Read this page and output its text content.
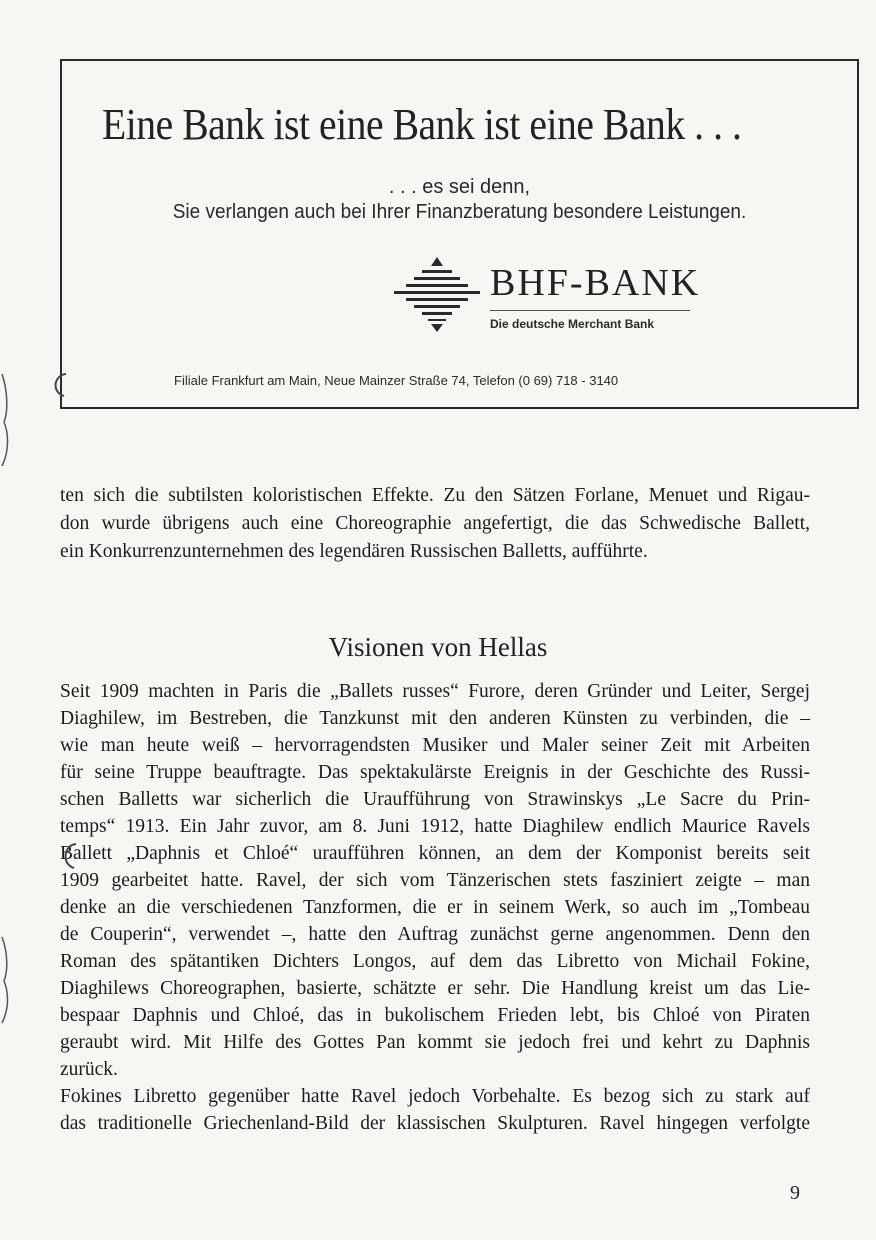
Eine Bank ist eine Bank ist eine Bank . . .
. . . es sei denn,
Sie verlangen auch bei Ihrer Finanzberatung besondere Leistungen.
BHF-BANK
Die deutsche Merchant Bank
Filiale Frankfurt am Main, Neue Mainzer Straße 74, Telefon (0 69) 718 - 3140
ten sich die subtilsten koloristischen Effekte. Zu den Sätzen Forlane, Menuet und Rigau-
don wurde übrigens auch eine Choreographie angefertigt, die das Schwedische Ballett,
ein Konkurrenzunternehmen des legendären Russischen Balletts, aufführte.
Visionen von Hellas
Seit 1909 machten in Paris die „Ballets russes“ Furore, deren Gründer und Leiter, Sergej
Diaghilew, im Bestreben, die Tanzkunst mit den anderen Künsten zu verbinden, die –
wie man heute weiß – hervorragendsten Musiker und Maler seiner Zeit mit Arbeiten
für seine Truppe beauftragte. Das spektakulärste Ereignis in der Geschichte des Russi-
schen Balletts war sicherlich die Uraufführung von Strawinskys „Le Sacre du Prin-
temps“ 1913. Ein Jahr zuvor, am 8. Juni 1912, hatte Diaghilew endlich Maurice Ravels
Ballett „Daphnis et Chloé“ uraufführen können, an dem der Komponist bereits seit
1909 gearbeitet hatte. Ravel, der sich vom Tänzerischen stets fasziniert zeigte – man
denke an die verschiedenen Tanzformen, die er in seinem Werk, so auch im „Tombeau
de Couperin“, verwendet –, hatte den Auftrag zunächst gerne angenommen. Denn den
Roman des spätantiken Dichters Longos, auf dem das Libretto von Michail Fokine,
Diaghilews Choreographen, basierte, schätzte er sehr. Die Handlung kreist um das Lie-
bespaar Daphnis und Chloé, das in bukolischem Frieden lebt, bis Chloé von Piraten
geraubt wird. Mit Hilfe des Gottes Pan kommt sie jedoch frei und kehrt zu Daphnis
zurück.
Fokines Libretto gegenüber hatte Ravel jedoch Vorbehalte. Es bezog sich zu stark auf
das traditionelle Griechenland-Bild der klassischen Skulpturen. Ravel hingegen verfolgte
9
